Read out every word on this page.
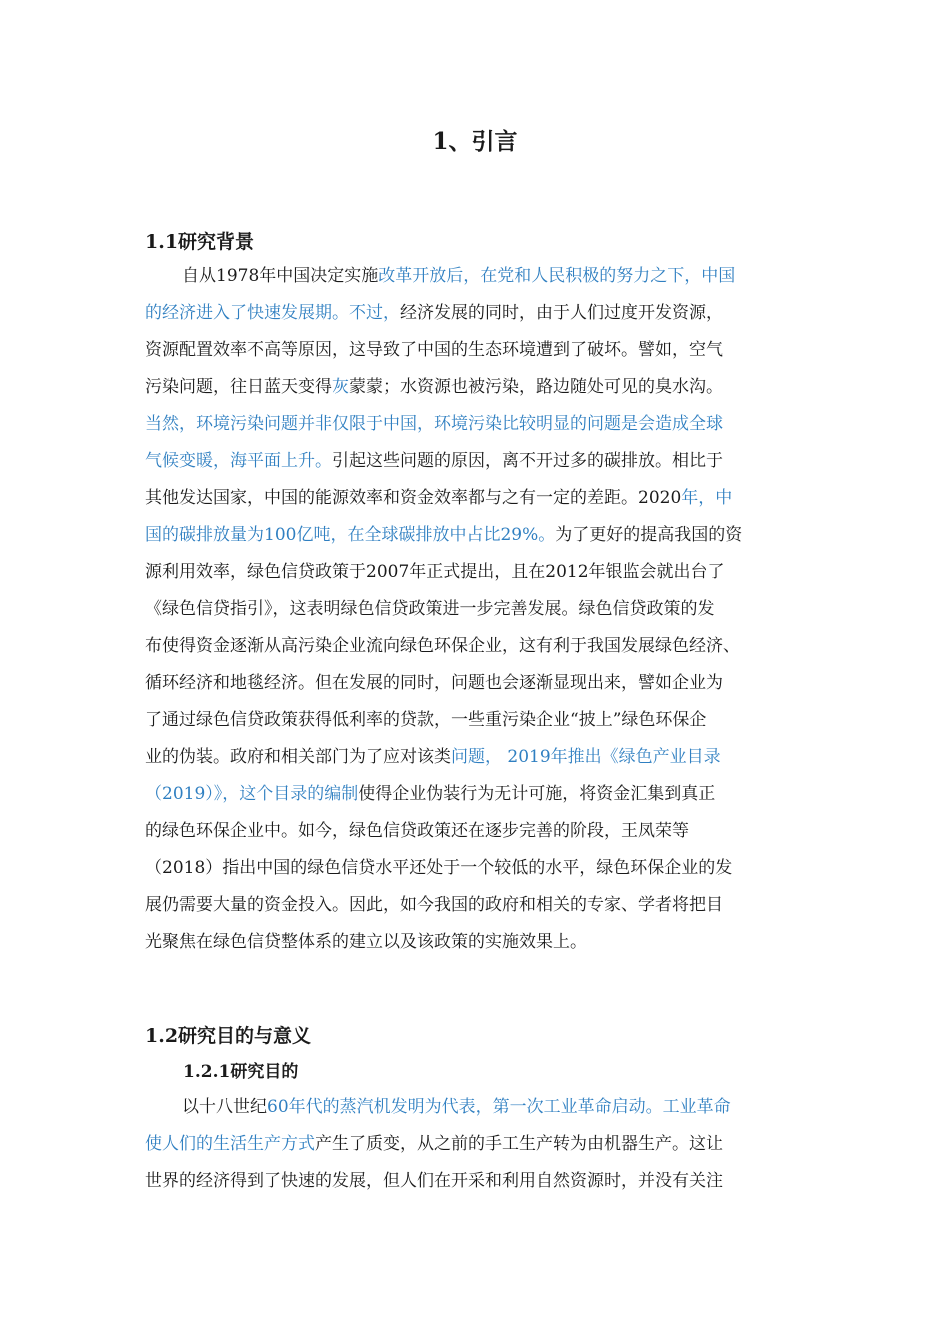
1、引言
1.1研究背景
自从1978年中国决定实施改革开放后，在党和人民积极的努力之下，中国
的经济进入了快速发展期。不过，经济发展的同时，由于人们过度开发资源，
资源配置效率不高等原因，这导致了中国的生态环境遭到了破坏。譬如，空气
污染问题，往日蓝天变得灰蒙蒙；水资源也被污染，路边随处可见的臭水沟。
当然，环境污染问题并非仅限于中国，环境污染比较明显的问题是会造成全球
气候变暖，海平面上升。引起这些问题的原因，离不开过多的碳排放。相比于
其他发达国家，中国的能源效率和资金效率都与之有一定的差距。2020年，中
国的碳排放量为100亿吨，在全球碳排放中占比29%。为了更好的提高我国的资
源利用效率，绿色信贷政策于2007年正式提出，且在2012年银监会就出台了
《绿色信贷指引》，这表明绿色信贷政策进一步完善发展。绿色信贷政策的发
布使得资金逐渐从高污染企业流向绿色环保企业，这有利于我国发展绿色经济、
循环经济和地毯经济。但在发展的同时，问题也会逐渐显现出来，譬如企业为
了通过绿色信贷政策获得低利率的贷款，一些重污染企业“披上”绿色环保企
业的伪装。政府和相关部门为了应对该类问题， 2019年推出《绿色产业目录
（2019）》，这个目录的编制使得企业伪装行为无计可施，将资金汇集到真正
的绿色环保企业中。如今，绿色信贷政策还在逐步完善的阶段，王凤荣等
（2018）指出中国的绿色信贷水平还处于一个较低的水平，绿色环保企业的发
展仍需要大量的资金投入。因此，如今我国的政府和相关的专家、学者将把目
光聚焦在绿色信贷整体系的建立以及该政策的实施效果上。
1.2研究目的与意义
1.2.1研究目的
以十八世纪60年代的蒸汽机发明为代表，第一次工业革命启动。工业革命
使人们的生活生产方式产生了质变，从之前的手工生产转为由机器生产。这让
世界的经济得到了快速的发展，但人们在开采和利用自然资源时，并没有关注
